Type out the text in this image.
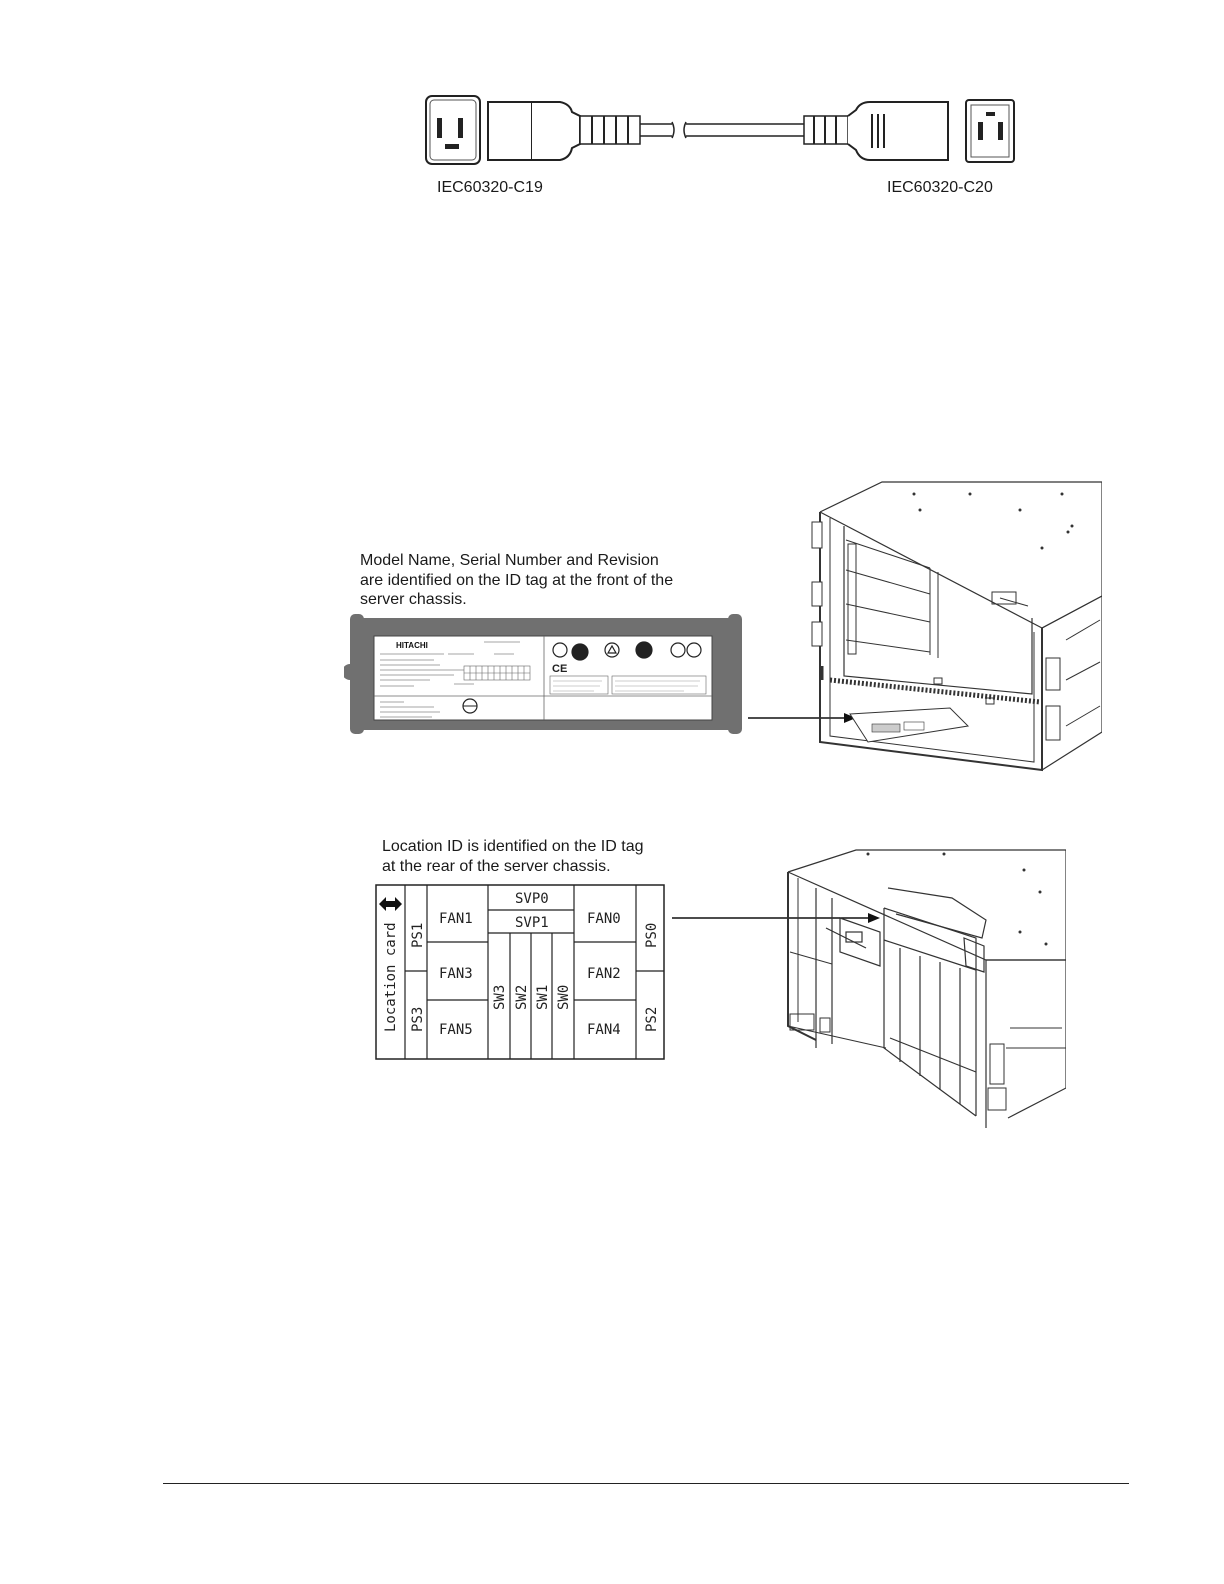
IEC60320-C19	IEC60320-C20
Model Name, Serial Number and Revision
are identified on the ID tag at the front of the
server chassis.
HITACHI
CE
Location ID is identified on the ID tag
at the rear of the server chassis.
Location card PS1
PS3
PS0
PS2
FAN1
FAN3
FAN5
FAN0
FAN2
FAN4
SVP0
SVP1
SW3 SW2 SW1 SW0
